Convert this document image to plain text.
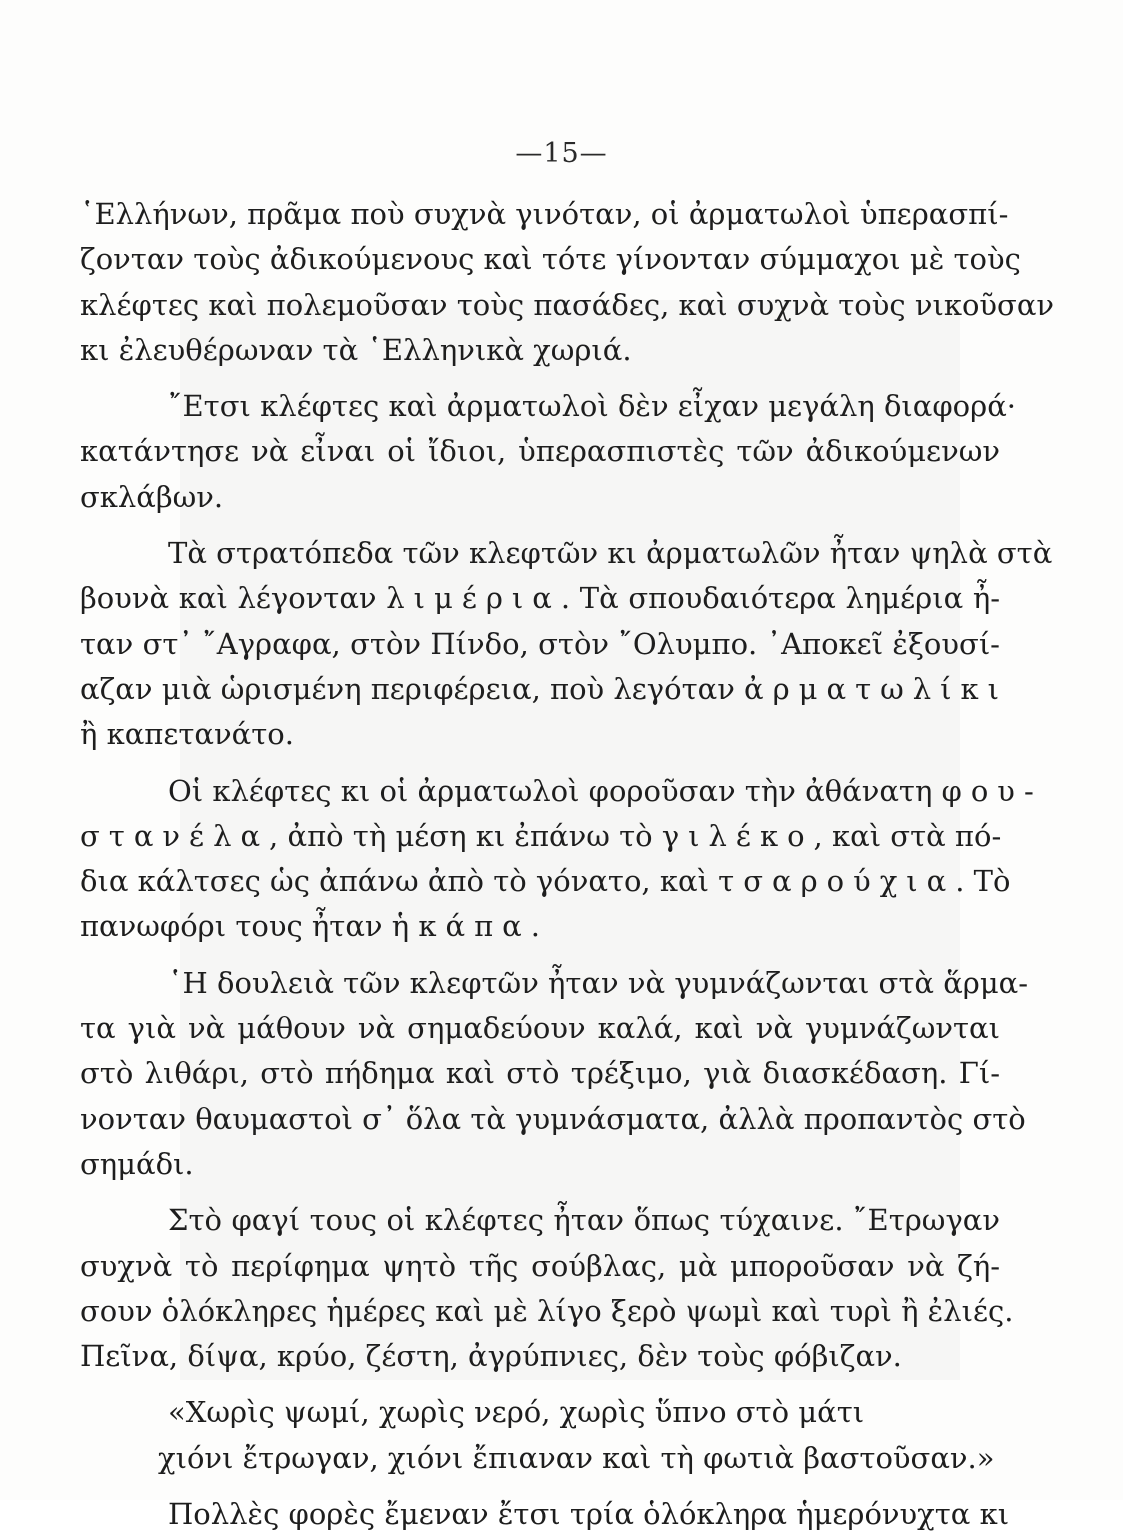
—15—
῾Ελλήνων, πρᾶμα ποὺ συχνὰ γινόταν, οἱ ἀρματωλοὶ ὑπερασπί-
ζονταν τοὺς ἀδικούμενους καὶ τότε γίνονταν σύμμαχοι μὲ τοὺς
κλέφτες καὶ πολεμοῦσαν τοὺς πασάδες, καὶ συχνὰ τοὺς νικοῦσαν
κι ἐλευθέρωναν τὰ ῾Ελληνικὰ χωριά.
῎Ετσι κλέφτες καὶ ἀρματωλοὶ δὲν εἶχαν μεγάλη διαφορά·
κατάντησε νὰ εἶναι οἱ ἴδιοι, ὑπερασπιστὲς τῶν ἀδικούμενων
σκλάβων.
Τὰ στρατόπεδα τῶν κλεφτῶν κι ἀρματωλῶν ἦταν ψηλὰ στὰ
βουνὰ καὶ λέγονταν λιμέρια. Τὰ σπουδαιότερα λημέρια ἦ-
ταν στ᾿ ῎Αγραφα, στὸν Πίνδο, στὸν ῎Ολυμπο. ᾿Αποκεῖ ἐξουσί-
αζαν μιὰ ὡρισμένη περιφέρεια, ποὺ λεγόταν ἀρματωλίκι
ἢ καπετανάτο.
Οἱ κλέφτες κι οἱ ἀρματωλοὶ φοροῦσαν τὴν ἀθάνατη φου-
στανέλα, ἀπὸ τὴ μέση κι ἐπάνω τὸ γιλέκο, καὶ στὰ πό-
δια κάλτσες ὡς ἀπάνω ἀπὸ τὸ γόνατο, καὶ τσαρούχια. Τὸ
πανωφόρι τους ἦταν ἡ κάπα.
῾Η δουλειὰ τῶν κλεφτῶν ἦταν νὰ γυμνάζωνται στὰ ἅρμα-
τα γιὰ νὰ μάθουν νὰ σημαδεύουν καλά, καὶ νὰ γυμνάζωνται
στὸ λιθάρι, στὸ πήδημα καὶ στὸ τρέξιμο, γιὰ διασκέδαση. Γί-
νονταν θαυμαστοὶ σ᾿ ὅλα τὰ γυμνάσματα, ἀλλὰ προπαντὸς στὸ
σημάδι.
Στὸ φαγί τους οἱ κλέφτες ἦταν ὅπως τύχαινε. ῎Ετρωγαν
συχνὰ τὸ περίφημα ψητὸ τῆς σούβλας, μὰ μποροῦσαν νὰ ζή-
σουν ὁλόκληρες ἡμέρες καὶ μὲ λίγο ξερὸ ψωμὶ καὶ τυρὶ ἢ ἐλιές.
Πεῖνα, δίψα, κρύο, ζέστη, ἀγρύπνιες, δὲν τοὺς φόβιζαν.
«Χωρὶς ψωμί, χωρὶς νερό, χωρὶς ὕπνο στὸ μάτι
χιόνι ἔτρωγαν, χιόνι ἔπιαναν καὶ τὴ φωτιὰ βαστοῦσαν.»
Πολλὲς φορὲς ἔμεναν ἔτσι τρία ὁλόκληρα ἡμερόνυχτα κι
